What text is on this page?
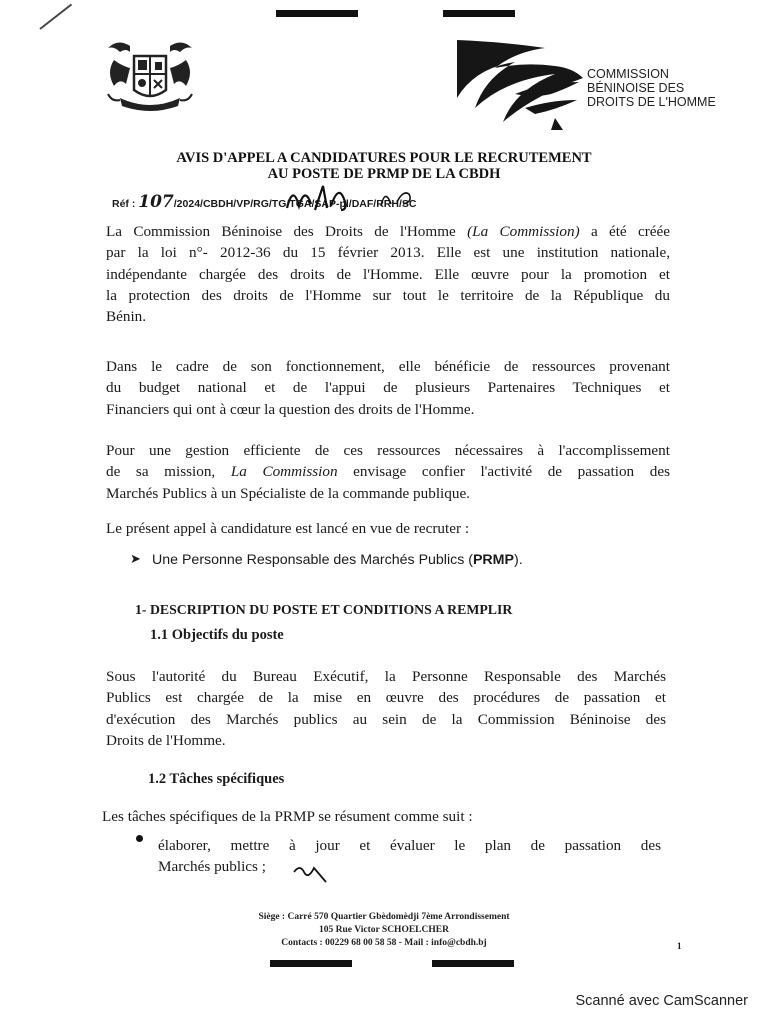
COMMISSION
BÉNINOISE DES
DROITS DE L'HOMME
AVIS D'APPEL A CANDIDATURES POUR LE RECRUTEMENT
AU POSTE DE PRMP DE LA CBDH
Réf : 107/2024/CBDH/VP/RG/TG/TGA/SAP-pl/DAF/RRH/SC
La Commission Béninoise des Droits de l'Homme (La Commission) a été créée
par la loi n°- 2012-36 du 15 février 2013. Elle est une institution nationale,
indépendante chargée des droits de l'Homme. Elle œuvre pour la promotion et
la protection des droits de l'Homme sur tout le territoire de la République du
Bénin.
Dans le cadre de son fonctionnement, elle bénéficie de ressources provenant
du budget national et de l'appui de plusieurs Partenaires Techniques et
Financiers qui ont à cœur la question des droits de l'Homme.
Pour une gestion efficiente de ces ressources nécessaires à l'accomplissement
de sa mission, La Commission envisage confier l'activité de passation des
Marchés Publics à un Spécialiste de la commande publique.
Le présent appel à candidature est lancé en vue de recruter :
➤ Une Personne Responsable des Marchés Publics (PRMP).
1- DESCRIPTION DU POSTE ET CONDITIONS A REMPLIR
1.1 Objectifs du poste
Sous l'autorité du Bureau Exécutif, la Personne Responsable des Marchés
Publics est chargée de la mise en œuvre des procédures de passation et
d'exécution des Marchés publics au sein de la Commission Béninoise des
Droits de l'Homme.
1.2 Tâches spécifiques
Les tâches spécifiques de la PRMP se résument comme suit :
élaborer, mettre à jour et évaluer le plan de passation des
Marchés publics ;
Siège : Carré 570 Quartier Gbèdomèdji 7ème Arrondissement
105 Rue Victor SCHOELCHER
Contacts : 00229 68 00 58 58 - Mail : info@cbdh.bj	1
Scanné avec CamScanner
